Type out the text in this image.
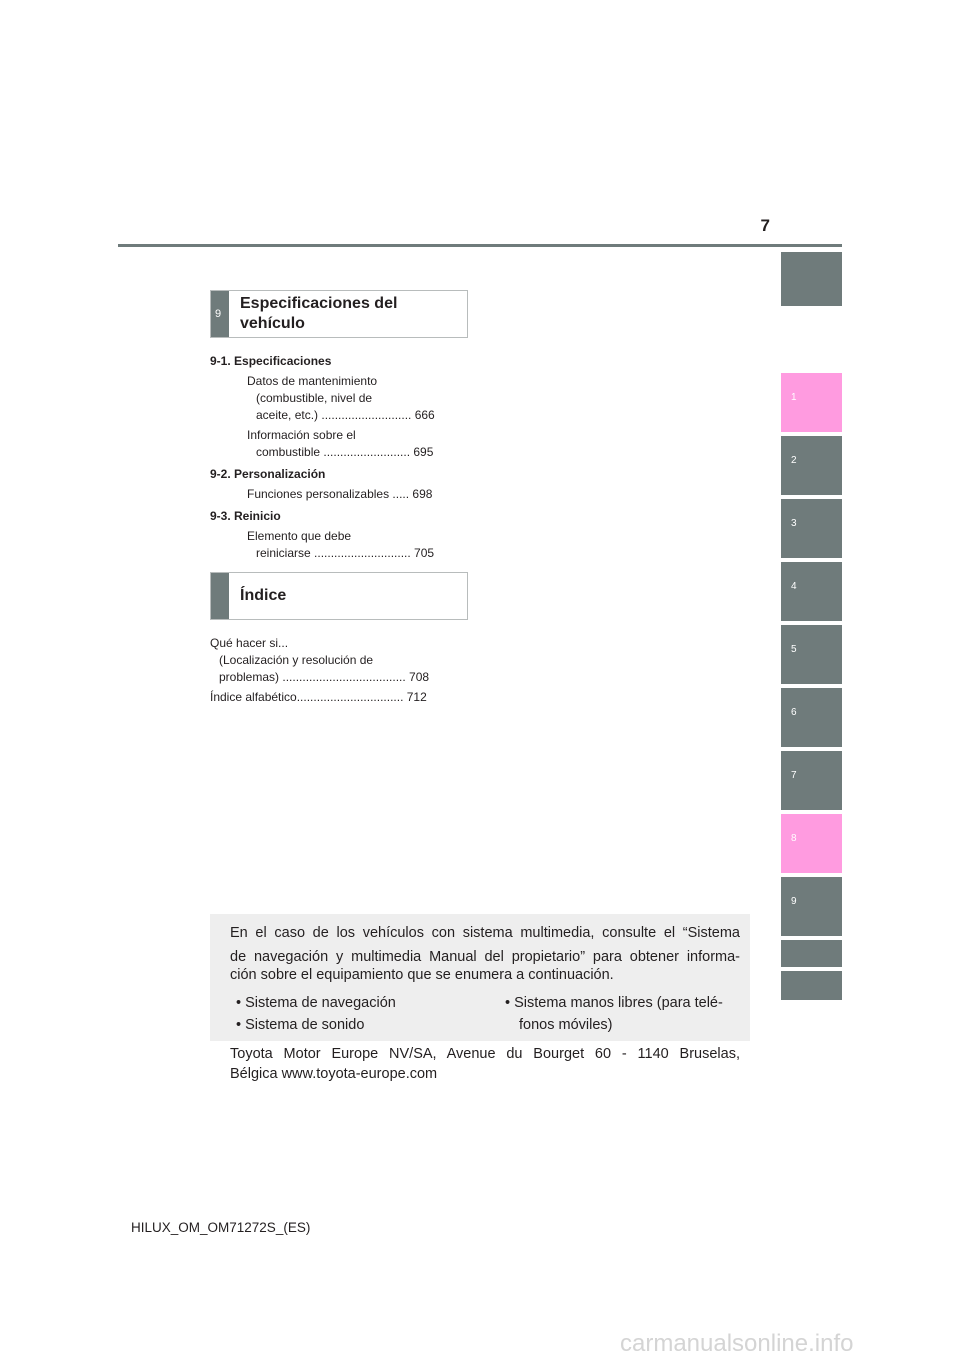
7
1
2
3
4
5
6
7
8
9
9
Especificaciones del
vehículo
9-1. Especificaciones
Datos de mantenimiento
(combustible, nivel de
aceite, etc.) ........................... 666
Información sobre el
combustible .......................... 695
9-2. Personalización
Funciones personalizables ..... 698
9-3. Reinicio
Elemento que debe
reiniciarse ............................. 705
Índice
Qué hacer si...
(Localización y resolución de
problemas) ..................................... 708
Índice alfabético................................ 712
En el caso de los vehículos con sistema multimedia, consulte el “Sistema
de navegación y multimedia Manual del propietario” para obtener informa-
ción sobre el equipamiento que se enumera a continuación.
• Sistema de navegación
• Sistema de sonido
• Sistema manos libres (para telé-
fonos móviles)
Toyota Motor Europe NV/SA, Avenue du Bourget 60 - 1140 Bruselas,
Bélgica www.toyota-europe.com
HILUX_OM_OM71272S_(ES)
carmanualsonline.info
